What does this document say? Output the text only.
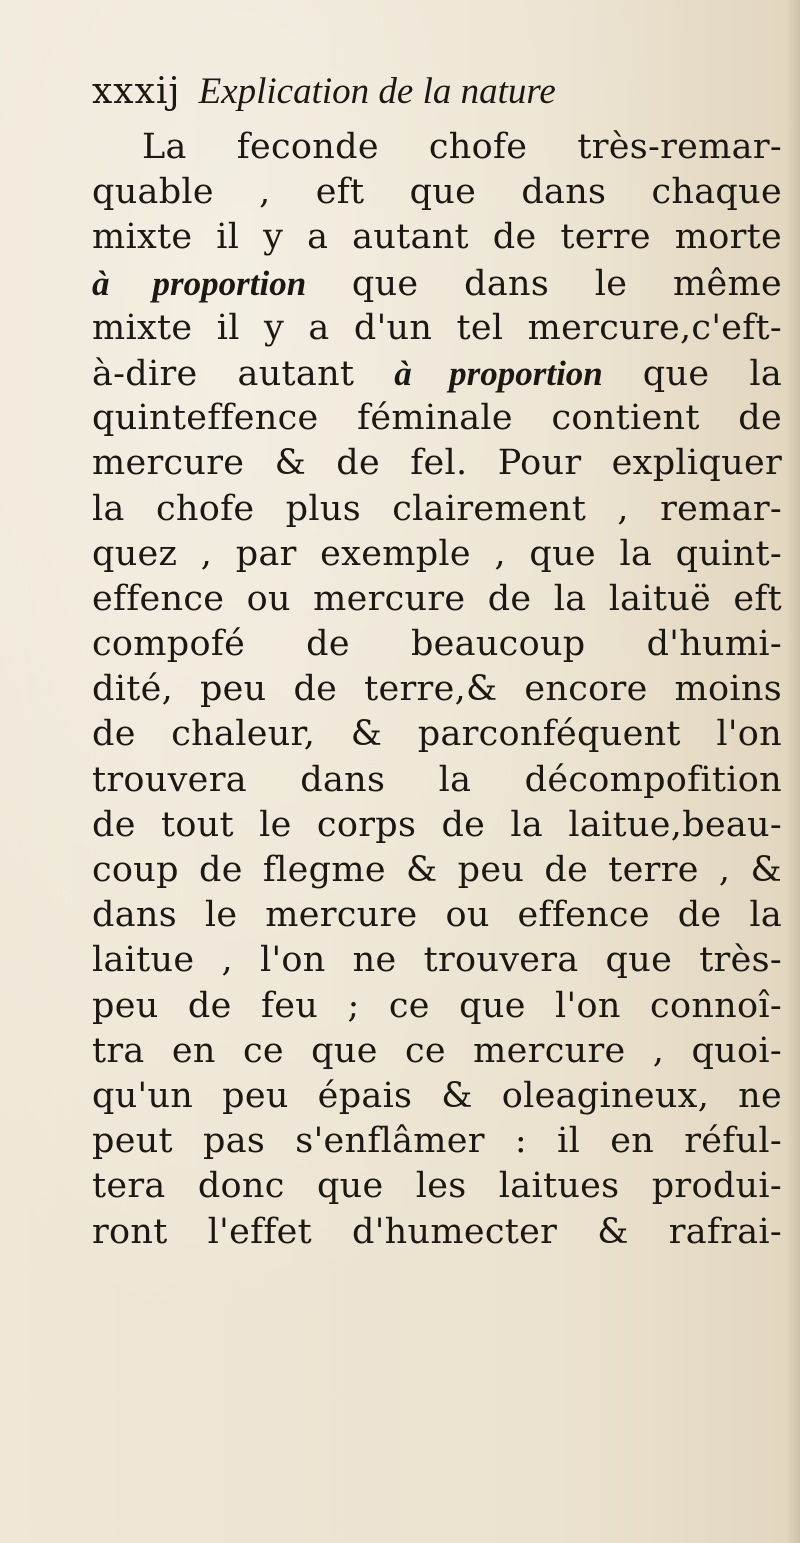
xxxij Explication de la nature
La feconde chofe très-remar-
quable , eft que dans chaque
mixte il y a autant de terre morte
à proportion que dans le même
mixte il y a d'un tel mercure,c'eft-
à-dire autant à proportion que la
quinteffence féminale contient de
mercure & de fel. Pour expliquer
la chofe plus clairement , remar-
quez , par exemple , que la quint-
effence ou mercure de la laituë eft
compofé de beaucoup d'humi-
dité, peu de terre,& encore moins
de chaleur, & parconféquent l'on
trouvera dans la décompofition
de tout le corps de la laitue,beau-
coup de flegme & peu de terre , &
dans le mercure ou effence de la
laitue , l'on ne trouvera que très-
peu de feu ; ce que l'on connoî-
tra en ce que ce mercure , quoi-
qu'un peu épais & oleagineux, ne
peut pas s'enflâmer : il en réful-
tera donc que les laitues produi-
ront l'effet d'humecter & rafrai-
